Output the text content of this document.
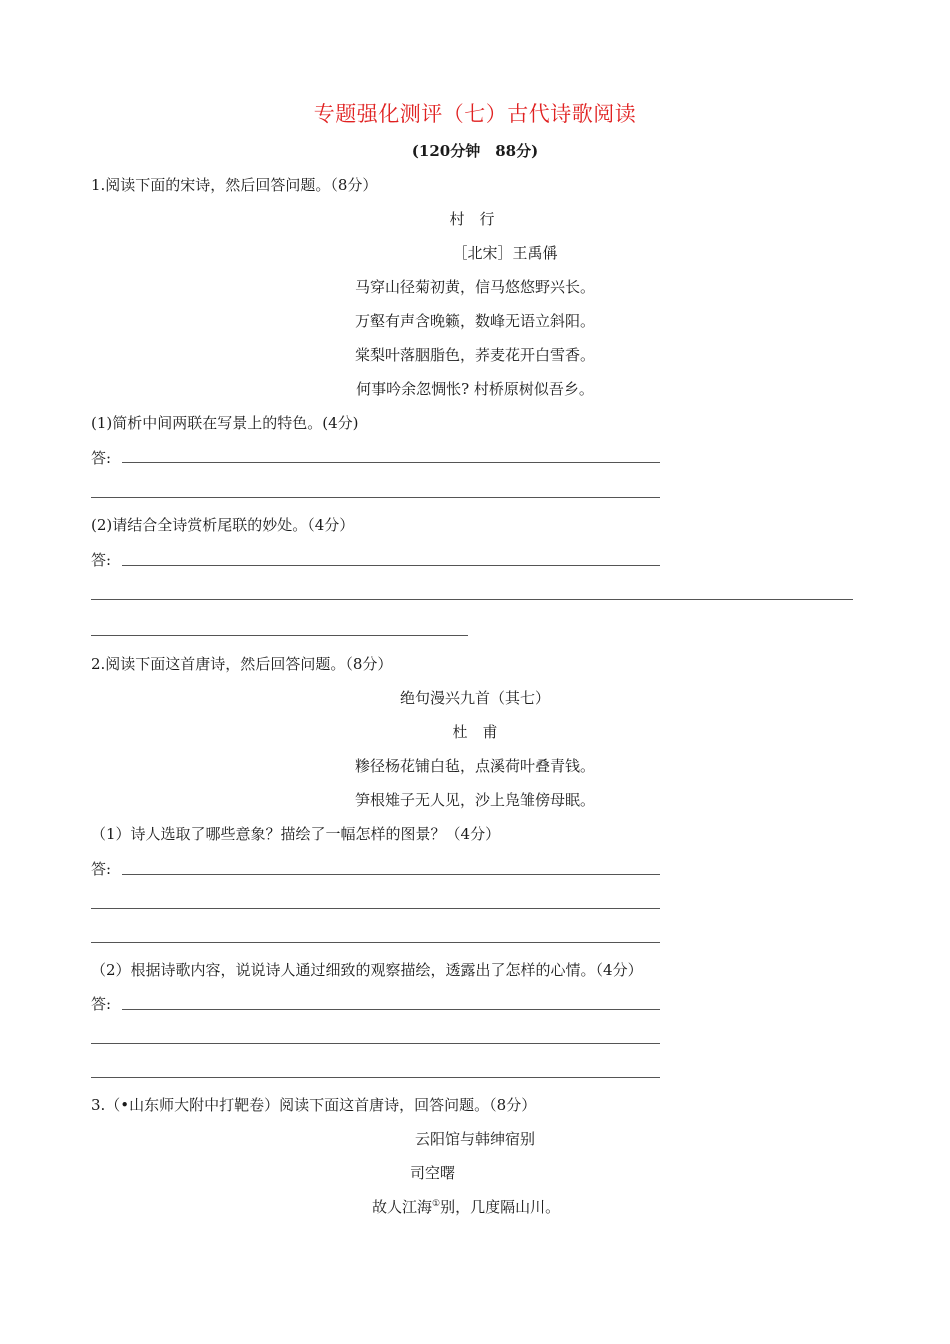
专题强化测评（七）古代诗歌阅读
(120分钟　88分)
1.阅读下面的宋诗，然后回答问题。（8分）
村　行
［北宋］王禹偁
马穿山径菊初黄，信马悠悠野兴长。
万壑有声含晚籁，数峰无语立斜阳。
棠梨叶落胭脂色，荞麦花开白雪香。
何事吟余忽惆怅? 村桥原树似吾乡。
(1)简析中间两联在写景上的特色。(4分)
答:
(2)请结合全诗赏析尾联的妙处。（4分）
答:
2.阅读下面这首唐诗，然后回答问题。（8分）
绝句漫兴九首（其七）
杜　甫
糁径杨花铺白毡，点溪荷叶叠青钱。
笋根雉子无人见，沙上凫雏傍母眠。
（1）诗人选取了哪些意象？描绘了一幅怎样的图景？（4分）
答:
（2）根据诗歌内容，说说诗人通过细致的观察描绘，透露出了怎样的心情。（4分）
答:
3.（•山东师大附中打靶卷）阅读下面这首唐诗，回答问题。（8分）
云阳馆与韩绅宿别
司空曙
故人江海①别，几度隔山川。
